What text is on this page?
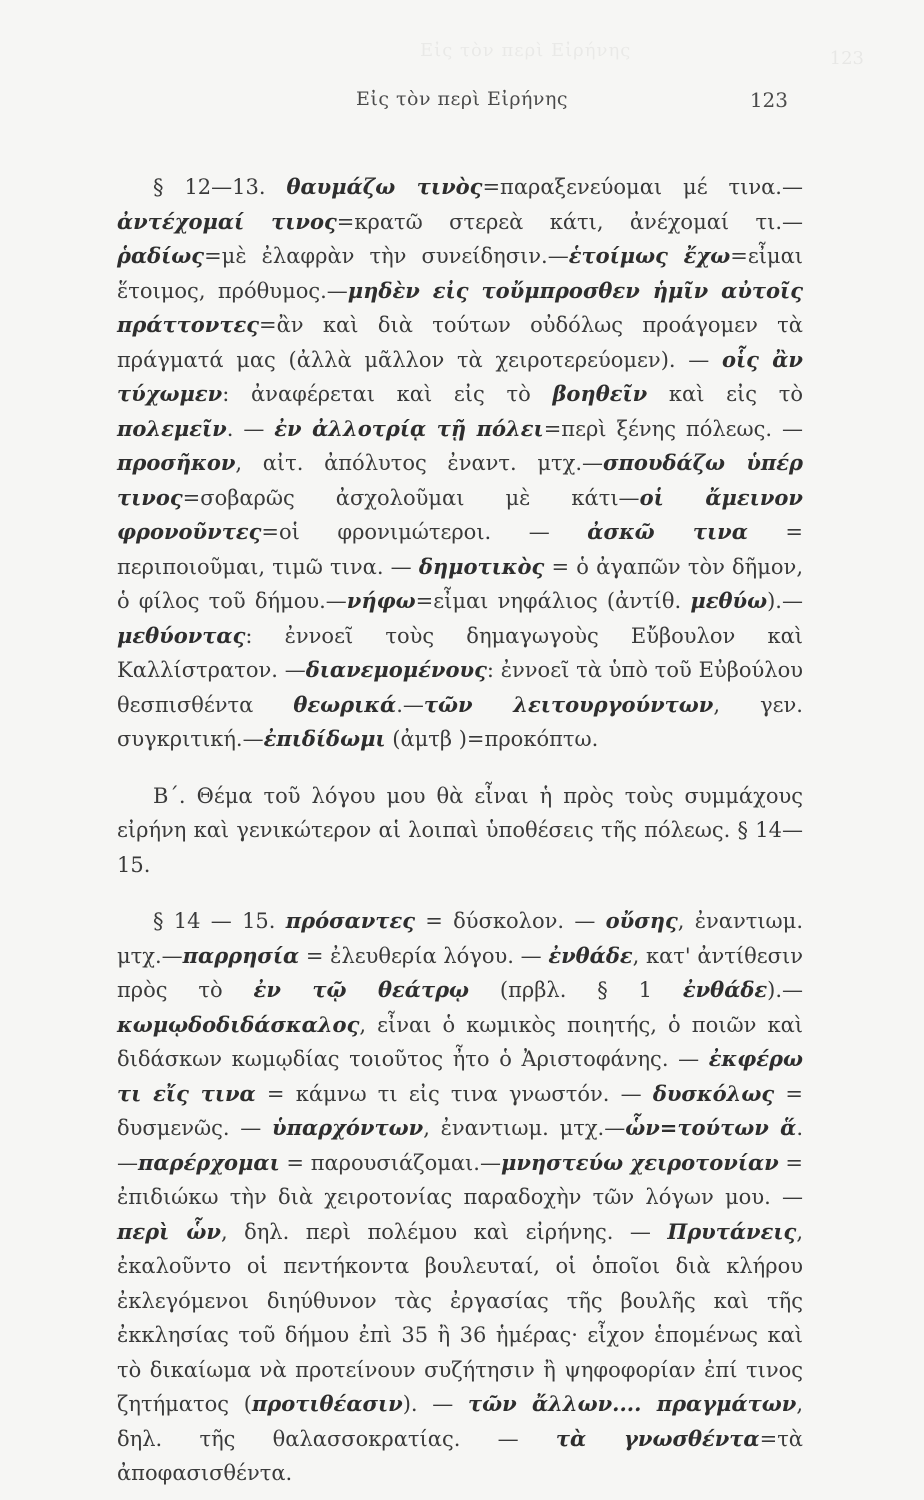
Εἰς τὸν περὶ Εἰρήνης	123
Εἰς τὸν περὶ Εἰρήνης	123

§ 12—13. θαυμάζω τινὸς=παραξενεύομαι μέ τινα.—ἀντέχομαί τινος=κρατῶ στερεὰ κάτι, ἀνέχομαί τι.—ῥαδίως=μὲ ἐλαφρὰν τὴν συνείδησιν.—ἑτοίμως ἔχω=εἶμαι ἕτοιμος, πρόθυμος.—μηδὲν εἰς τοὔμπροσθεν ἡμῖν αὐτοῖς πράττοντες=ἂν καὶ διὰ τούτων οὐδόλως προάγομεν τὰ πράγματά μας (ἀλλὰ μᾶλλον τὰ χειροτερεύομεν). — οἷς ἂν τύχωμεν: ἀναφέρεται καὶ εἰς τὸ βοηθεῖν καὶ εἰς τὸ πολεμεῖν. — ἐν ἀλλοτρίᾳ τῇ πόλει=περὶ ξένης πόλεως. — προσῆκον, αἰτ. ἀπόλυτος ἐναντ. μτχ.—σπουδάζω ὑπέρ τινος=σοβαρῶς ἀσχολοῦμαι μὲ κάτι—οἱ ἄμεινον φρονοῦντες=οἱ φρονιμώτεροι. — ἀσκῶ τινα = περιποιοῦμαι, τιμῶ τινα. — δημοτικὸς = ὁ ἀγαπῶν τὸν δῆμον, ὁ φίλος τοῦ δήμου.—νήφω=εἶμαι νηφάλιος (ἀντίθ. μεθύω).—μεθύοντας: ἐννοεῖ τοὺς δημαγωγοὺς Εὔβουλον καὶ Καλλίστρατον. —διανεμομένους: ἐννοεῖ τὰ ὑπὸ τοῦ Εὐβούλου θεσπισθέντα θεωρικά.—τῶν λειτουργούντων, γεν. συγκριτική.—ἐπιδίδωμι (ἀμτβ )=προκόπτω.

Β΄. Θέμα τοῦ λόγου μου θὰ εἶναι ἡ πρὸς τοὺς συμμάχους εἰρήνη καὶ γενικώτερον αἱ λοιπαὶ ὑποθέσεις τῆς πόλεως. § 14—15.

§ 14 — 15. πρόσαντες = δύσκολον. — οὔσης, ἐναντιωμ. μτχ.—παρρησία = ἐλευθερία λόγου. — ἐνθάδε, κατ' ἀντίθεσιν πρὸς τὸ ἐν τῷ θεάτρῳ (πρβλ. § 1 ἐνθάδε).—κωμῳδοδιδάσκαλος, εἶναι ὁ κωμικὸς ποιητής, ὁ ποιῶν καὶ διδάσκων κωμῳδίας τοιοῦτος ἦτο ὁ Ἀριστοφάνης. — ἐκφέρω τι εἴς τινα = κάμνω τι εἰς τινα γνωστόν. — δυσκόλως = δυσμενῶς. — ὑπαρχόντων, ἐναντιωμ. μτχ.—ὧν=τούτων ἅ.—παρέρχομαι = παρουσιάζομαι.—μνηστεύω χειροτονίαν = ἐπιδιώκω τὴν διὰ χειροτονίας παραδοχὴν τῶν λόγων μου. — περὶ ὧν, δηλ. περὶ πολέμου καὶ εἰρήνης. — Πρυτάνεις, ἐκαλοῦντο οἱ πεντήκοντα βουλευταί, οἱ ὁποῖοι διὰ κλήρου ἐκλεγόμενοι διηύθυνον τὰς ἐργασίας τῆς βουλῆς καὶ τῆς ἐκκλησίας τοῦ δήμου ἐπὶ 35 ἢ 36 ἡμέρας· εἶχον ἑπομένως καὶ τὸ δικαίωμα νὰ προτείνουν συζήτησιν ἢ ψηφοφορίαν ἐπί τινος ζητήματος (προτιθέασιν). — τῶν ἄλλων.... πραγμάτων, δηλ. τῆς θαλασσοκρατίας. — τὰ γνωσθέντα=τὰ ἀποφασισθέντα.
